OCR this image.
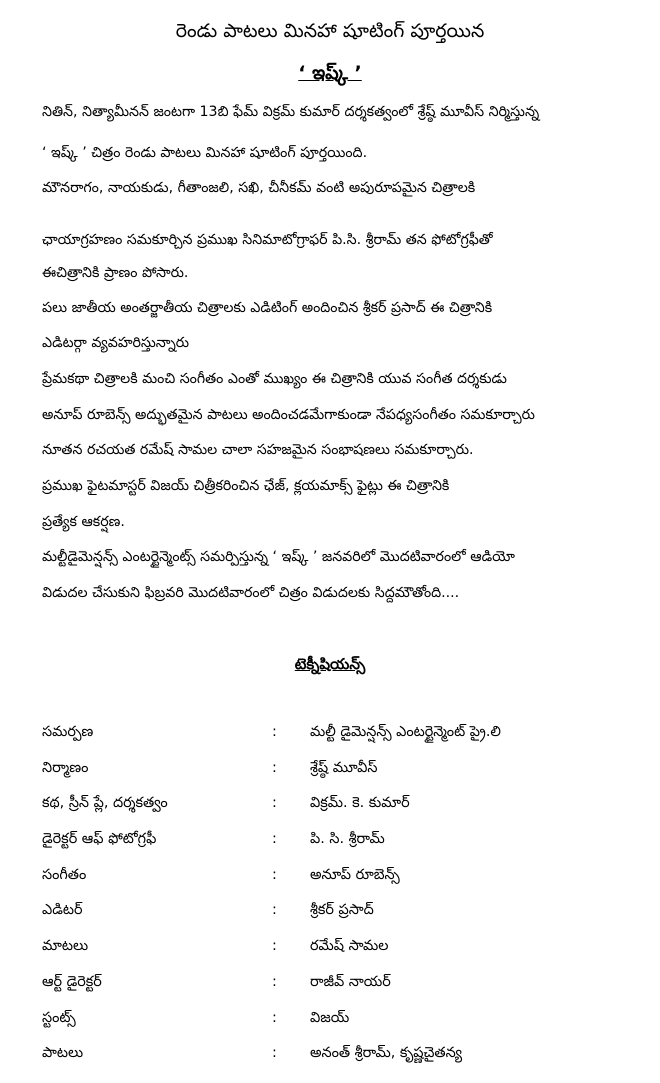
రెండు పాటలు మినహా షూటింగ్ పూర్తయిన
‘ ఇష్క్ ’
నితిన్, నిత్యామీనన్ జంటగా 13బి ఫేమ్ విక్రమ్ కుమార్ దర్శకత్వంలో శ్రేష్ఠ్ మూవీస్ నిర్మిస్తున్న
‘ ఇష్క్ ’ చిత్రం రెండు పాటలు మినహా షూటింగ్ పూర్తయింది.
మౌనరాగం, నాయకుడు, గీతాంజలి, సఖి, చీనీకమ్ వంటి అపురూపమైన చిత్రాలకి
ఛాయాగ్రహణం సమకూర్చిన ప్రముఖ సినిమాటోగ్రాఫర్ పి.సి. శ్రీరామ్ తన ఫోటోగ్రఫీతో
ఈచిత్రానికి ప్రాణం పోసారు.
పలు జాతీయ అంతర్జాతీయ చిత్రాలకు ఎడిటింగ్ అందించిన శ్రీకర్ ప్రసాద్ ఈ చిత్రానికి
ఎడిటర్గా వ్యవహరిస్తున్నారు
ప్రేమకథా చిత్రాలకి మంచి సంగీతం ఎంతో ముఖ్యం ఈ చిత్రానికి యువ సంగీత దర్శకుడు
అనూప్ రూబెన్స్ అద్భుతమైన పాటలు అందించడమేగాకుండా నేపధ్యసంగీతం సమకూర్చారు
నూతన రచయత రమేష్ సామల చాలా సహజమైన సంభాషణలు సమకూర్చారు.
ప్రముఖ ఫైటమాస్టర్ విజయ్ చిత్రీకరించిన ఛేజ్, క్లయమాక్స్ ఫైట్లు ఈ చిత్రానికి
ప్రత్యేక ఆకర్షణ.
మల్టీడైమెన్షన్స్ ఎంటర్టైన్మెంట్స్ సమర్పిస్తున్న ‘ ఇష్క్ ’ జనవరిలో మొదటివారంలో ఆడియో
విడుదల చేసుకుని ఫిబ్రవరి మొదటివారంలో చిత్రం విడుదలకు సిద్దమౌతోంది....
టెక్నీషియన్స్
సమర్పణ	: మల్టీ డైమెన్షన్స్ ఎంటర్టైన్మెంట్ ప్రై.లి
నిర్మాణం	: శ్రేష్ఠ్ మూవీస్
కథ, స్రీన్ ప్లే, దర్శకత్వం	: విక్రమ్. కె. కుమార్
డైరెక్టర్ ఆఫ్ ఫోటోగ్రఫీ	: పి. సి. శ్రీరామ్
సంగీతం	: అనూప్ రూబెన్స్
ఎడిటర్	: శ్రీకర్ ప్రసాద్
మాటలు	: రమేష్ సామల
ఆర్ట్ డైరెక్టర్	: రాజీవ్ నాయర్
స్టంట్స్	: విజయ్
పాటలు	: అనంత్ శ్రీరామ్, కృష్ణచైతన్య
